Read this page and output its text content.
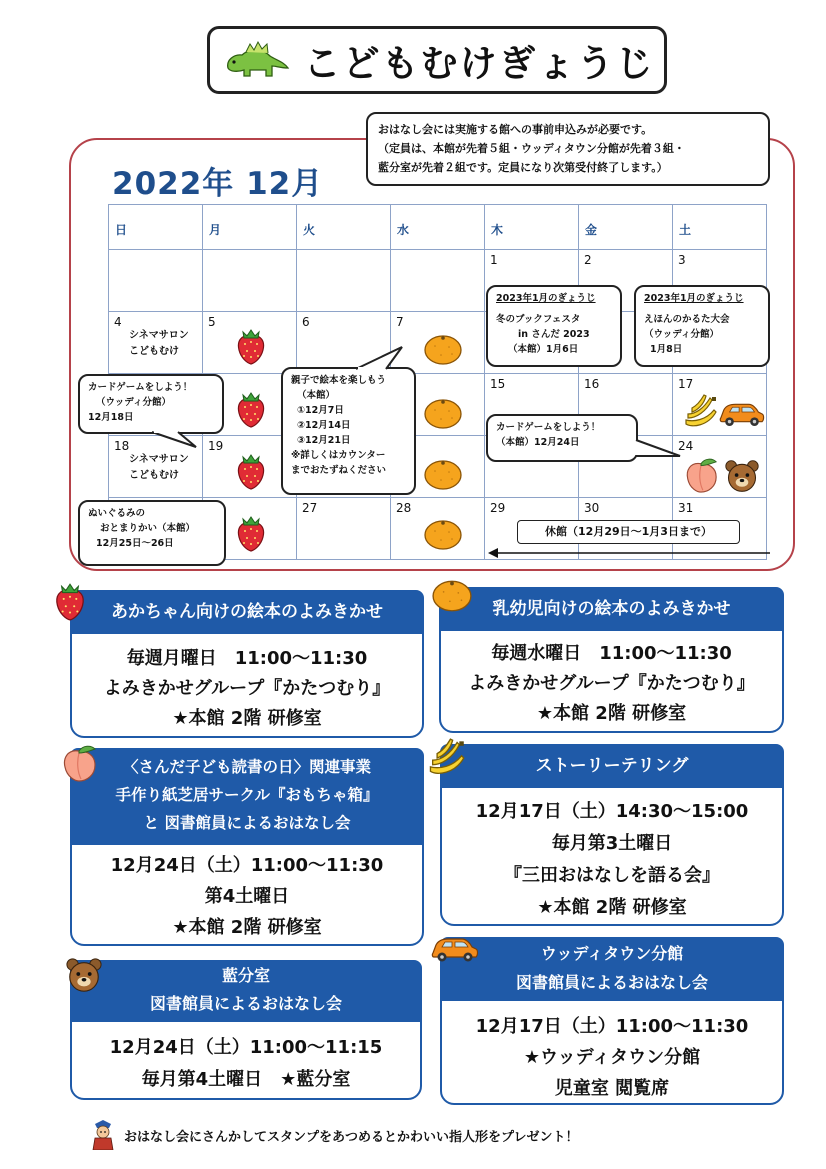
こどもむけぎょうじ
おはなし会には実施する館への事前申込みが必要です。
（定員は、本館が先着５組・ウッディタウン分館が先着３組・
藍分室が先着２組です。定員になり次第受付終了します。）
2022年 12月
日	月	火	水	木	金	土

				1	2	3

4
シネマサロン
こどもむけ	5	6	7			

				15	16	17

18
シネマサロン
こどもむけ	19					24

		27	28	29	30	31
2023年1月のぎょうじ
冬のブックフェスタ
in さんだ 2023
（本館）1月6日
2023年1月のぎょうじ
えほんのかるた大会
（ウッディ分館）
1月8日
カードゲームをしよう！
（ウッディ分館）
12月18日
親子で絵本を楽しもう
（本館）
①12月7日
②12月14日
③12月21日
※詳しくはカウンター
までおたずねください
カードゲームをしよう！
（本館）12月24日
ぬいぐるみの
おとまりかい（本館）
12月25日～26日
休館（12月29日～1月3日まで）
あかちゃん向けの絵本のよみきかせ
毎週月曜日　11:00～11:30
よみきかせグループ『かたつむり』
★本館 2階 研修室
乳幼児向けの絵本のよみきかせ
毎週水曜日　11:00～11:30
よみきかせグループ『かたつむり』
★本館 2階 研修室
〈さんだ子ども読書の日〉関連事業
手作り紙芝居サークル『おもちゃ箱』
と 図書館員によるおはなし会
12月24日（土）11:00～11:30
第4土曜日
★本館 2階 研修室
ストーリーテリング
12月17日（土）14:30～15:00
毎月第3土曜日
『三田おはなしを語る会』
★本館 2階 研修室
藍分室
図書館員によるおはなし会
12月24日（土）11:00～11:15
毎月第4土曜日　★藍分室
ウッディタウン分館
図書館員によるおはなし会
12月17日（土）11:00～11:30
★ウッディタウン分館
児童室 閲覧席
おはなし会にさんかしてスタンプをあつめるとかわいい指人形をプレゼント！
